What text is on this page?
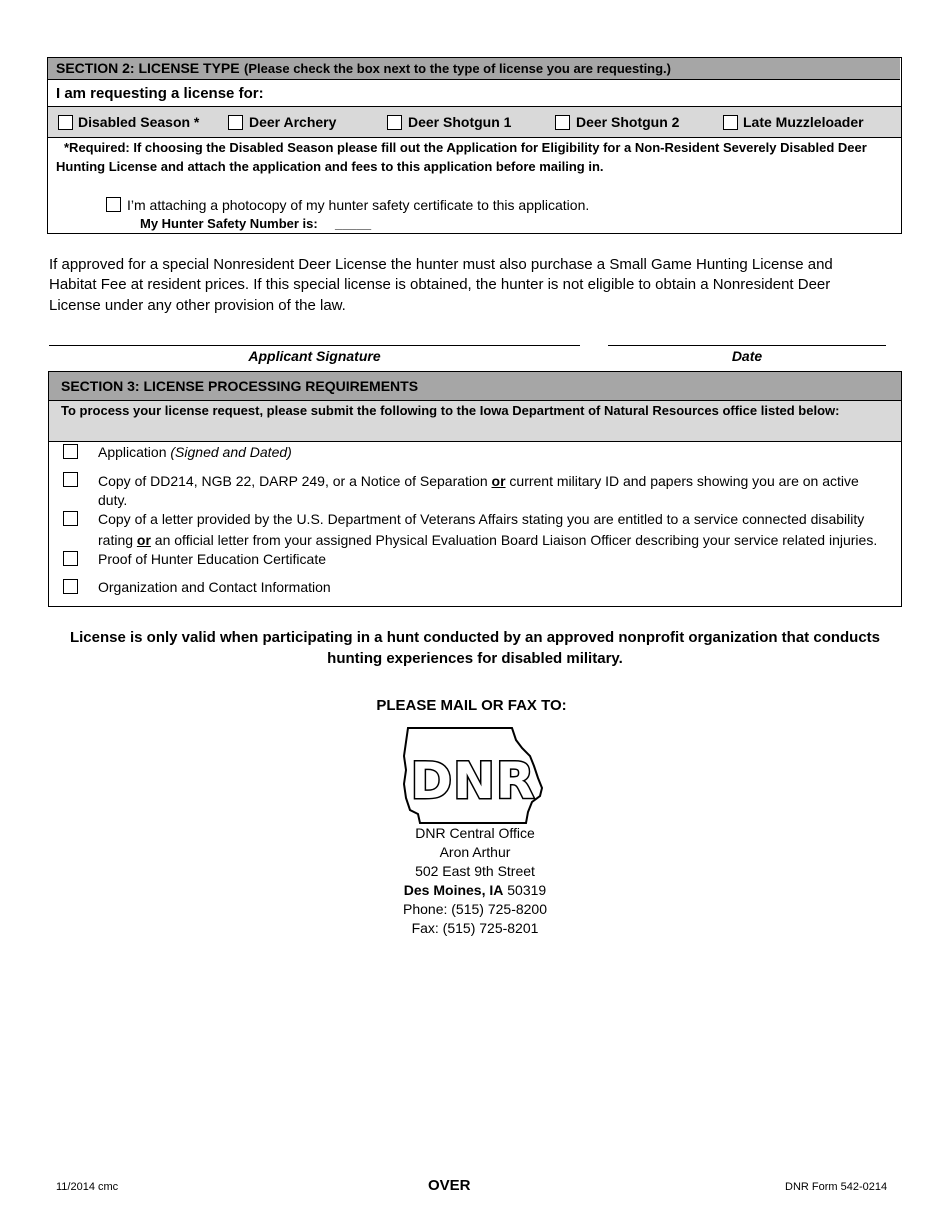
SECTION 2: LICENSE TYPE (Please check the box next to the type of license you are requesting.)
I am requesting a license for:
Disabled Season *	Deer Archery	Deer Shotgun 1	Deer Shotgun 2	Late Muzzleloader
*Required: If choosing the Disabled Season please fill out the Application for Eligibility for a Non-Resident Severely Disabled Deer
Hunting License and attach the application and fees to this application before mailing in.
I’m attaching a photocopy of my hunter safety certificate to this application.
My Hunter Safety Number is: _____
If approved for a special Nonresident Deer License the hunter must also purchase a Small Game Hunting License and
Habitat Fee at resident prices. If this special license is obtained, the hunter is not eligible to obtain a Nonresident Deer
License under any other provision of the law.
Applicant Signature	Date
SECTION 3: LICENSE PROCESSING REQUIREMENTS
To process your license request, please submit the following to the Iowa Department of Natural Resources office listed below:
Application (Signed and Dated)
Copy of DD214, NGB 22, DARP 249, or a Notice of Separation or current military ID and papers showing you are on active
duty.
Copy of a letter provided by the U.S. Department of Veterans Affairs stating you are entitled to a service connected disability
rating or an official letter from your assigned Physical Evaluation Board Liaison Officer describing your service related injuries.
Proof of Hunter Education Certificate
Organization and Contact Information
License is only valid when participating in a hunt conducted by an approved nonprofit organization that conducts
hunting experiences for disabled military.
PLEASE MAIL OR FAX TO:
DNR
DNR Central Office
Aron Arthur
502 East 9th Street
Des Moines, IA 50319
Phone: (515) 725-8200
Fax: (515) 725-8201
11/2014 cmc	OVER	DNR Form 542-0214
